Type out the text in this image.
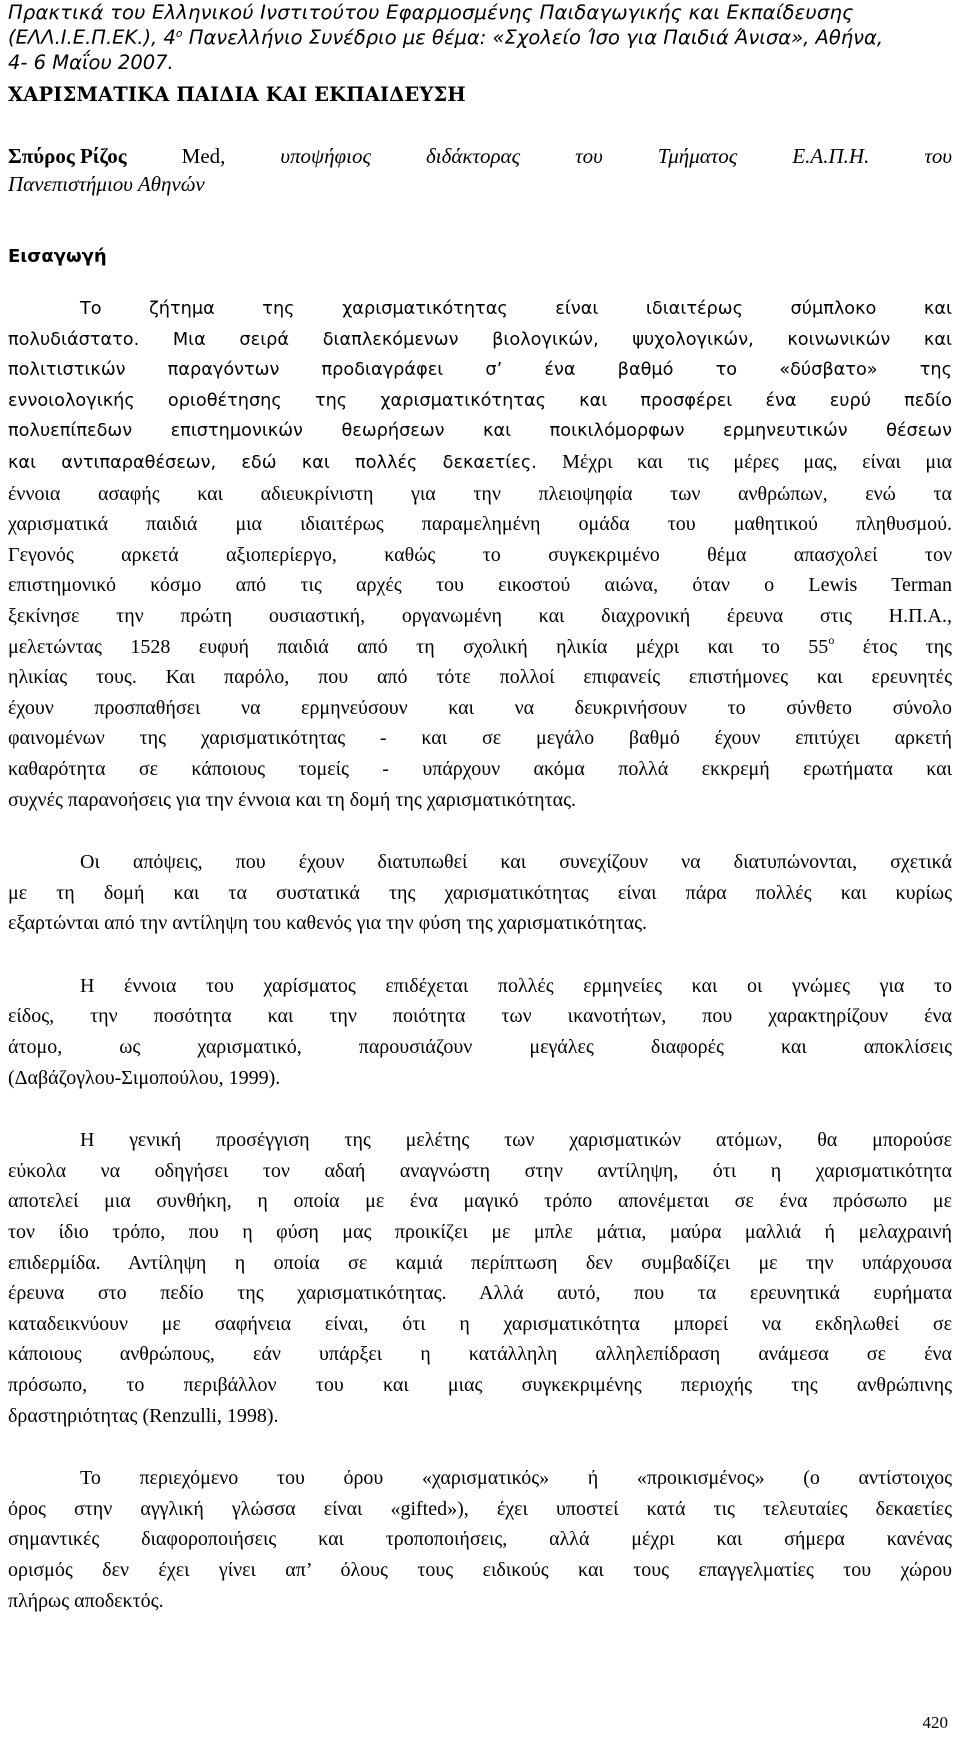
Πρακτικά του Ελληνικού Ινστιτούτου Εφαρμοσμένης Παιδαγωγικής και Εκπαίδευσης
(ΕΛΛ.Ι.Ε.Π.ΕΚ.), $4^o$ Πανελλήνιο Συνέδριο με θέμα: «Σχολείο Ίσο για Παιδιά Άνισα», Αθήνα,
4- 6 Μαΐου 2007.
ΧΑΡΙΣΜΑΤΙΚΑ ΠΑΙΔΙΑ ΚΑΙ ΕΚΠΑΙΔΕΥΣΗ
Σπύρος Ρίζος	Med,	υποψήφιος	διδάκτορας	του	Τμήματος	Ε.Α.Π.Η.	του
Πανεπιστήμιου Αθηνών
Εισαγωγή
Το ζήτημα της χαρισματικότητας είναι ιδιαιτέρως σύμπλοκο και
πολυδιάστατο. Μια σειρά διαπλεκόμενων βιολογικών, ψυχολογικών, κοινωνικών και
πολιτιστικών παραγόντων προδιαγράφει σ’ ένα βαθμό το «δύσβατο» της
εννοιολογικής οριοθέτησης της χαρισματικότητας και προσφέρει ένα ευρύ πεδίο
πολυεπίπεδων επιστημονικών θεωρήσεων και ποικιλόμορφων ερμηνευτικών θέσεων
και αντιπαραθέσεων, εδώ και πολλές δεκαετίες. Μέχρι και τις μέρες μας, είναι μια
έννοια ασαφής και αδιευκρίνιστη για την πλειοψηφία των ανθρώπων, ενώ τα
χαρισματικά παιδιά μια ιδιαιτέρως παραμελημένη ομάδα του μαθητικού πληθυσμού.
Γεγονός αρκετά αξιοπερίεργο, καθώς το συγκεκριμένο θέμα απασχολεί τον
επιστημονικό κόσμο από τις αρχές του εικοστού αιώνα, όταν ο Lewis Terman
ξεκίνησε την πρώτη ουσιαστική, οργανωμένη και διαχρονική έρευνα στις Η.Π.Α.,
μελετώντας 1528 ευφυή παιδιά από τη σχολική ηλικία μέχρι και το $55^o$ έτος της
ηλικίας τους. Και παρόλο, που από τότε πολλοί επιφανείς επιστήμονες και ερευνητές
έχουν προσπαθήσει να ερμηνεύσουν και να δευκρινήσουν το σύνθετο σύνολο
φαινομένων της χαρισματικότητας - και σε μεγάλο βαθμό έχουν επιτύχει αρκετή
καθαρότητα σε κάποιους τομείς - υπάρχουν ακόμα πολλά εκκρεμή ερωτήματα και
συχνές παρανοήσεις για την έννοια και τη δομή της χαρισματικότητας.
Οι απόψεις, που έχουν διατυπωθεί και συνεχίζουν να διατυπώνονται, σχετικά
με τη δομή και τα συστατικά της χαρισματικότητας είναι πάρα πολλές και κυρίως
εξαρτώνται από την αντίληψη του καθενός για την φύση της χαρισματικότητας.
Η έννοια του χαρίσματος επιδέχεται πολλές ερμηνείες και οι γνώμες για το
είδος, την ποσότητα και την ποιότητα των ικανοτήτων, που χαρακτηρίζουν ένα
άτομο, ως χαρισματικό, παρουσιάζουν μεγάλες διαφορές και αποκλίσεις
(Δαβάζογλου-Σιμοπούλου, 1999).
Η γενική προσέγγιση της μελέτης των χαρισματικών ατόμων, θα μπορούσε
εύκολα να οδηγήσει τον αδαή αναγνώστη στην αντίληψη, ότι η χαρισματικότητα
αποτελεί μια συνθήκη, η οποία με ένα μαγικό τρόπο απονέμεται σε ένα πρόσωπο με
τον ίδιο τρόπο, που η φύση μας προικίζει με μπλε μάτια, μαύρα μαλλιά ή μελαχραινή
επιδερμίδα. Αντίληψη η οποία σε καμιά περίπτωση δεν συμβαδίζει με την υπάρχουσα
έρευνα στο πεδίο της χαρισματικότητας. Αλλά αυτό, που τα ερευνητικά ευρήματα
καταδεικνύουν με σαφήνεια είναι, ότι η χαρισματικότητα μπορεί να εκδηλωθεί σε
κάποιους ανθρώπους, εάν υπάρξει η κατάλληλη αλληλεπίδραση ανάμεσα σε ένα
πρόσωπο, το περιβάλλον του και μιας συγκεκριμένης περιοχής της ανθρώπινης
δραστηριότητας (Renzulli, 1998).
Το περιεχόμενο του όρου «χαρισματικός» ή «προικισμένος» (ο αντίστοιχος
όρος στην αγγλική γλώσσα είναι «gifted»), έχει υποστεί κατά τις τελευταίες δεκαετίες
σημαντικές διαφοροποιήσεις και τροποποιήσεις, αλλά μέχρι και σήμερα κανένας
ορισμός δεν έχει γίνει απ’ όλους τους ειδικούς και τους επαγγελματίες του χώρου
πλήρως αποδεκτός.
420
